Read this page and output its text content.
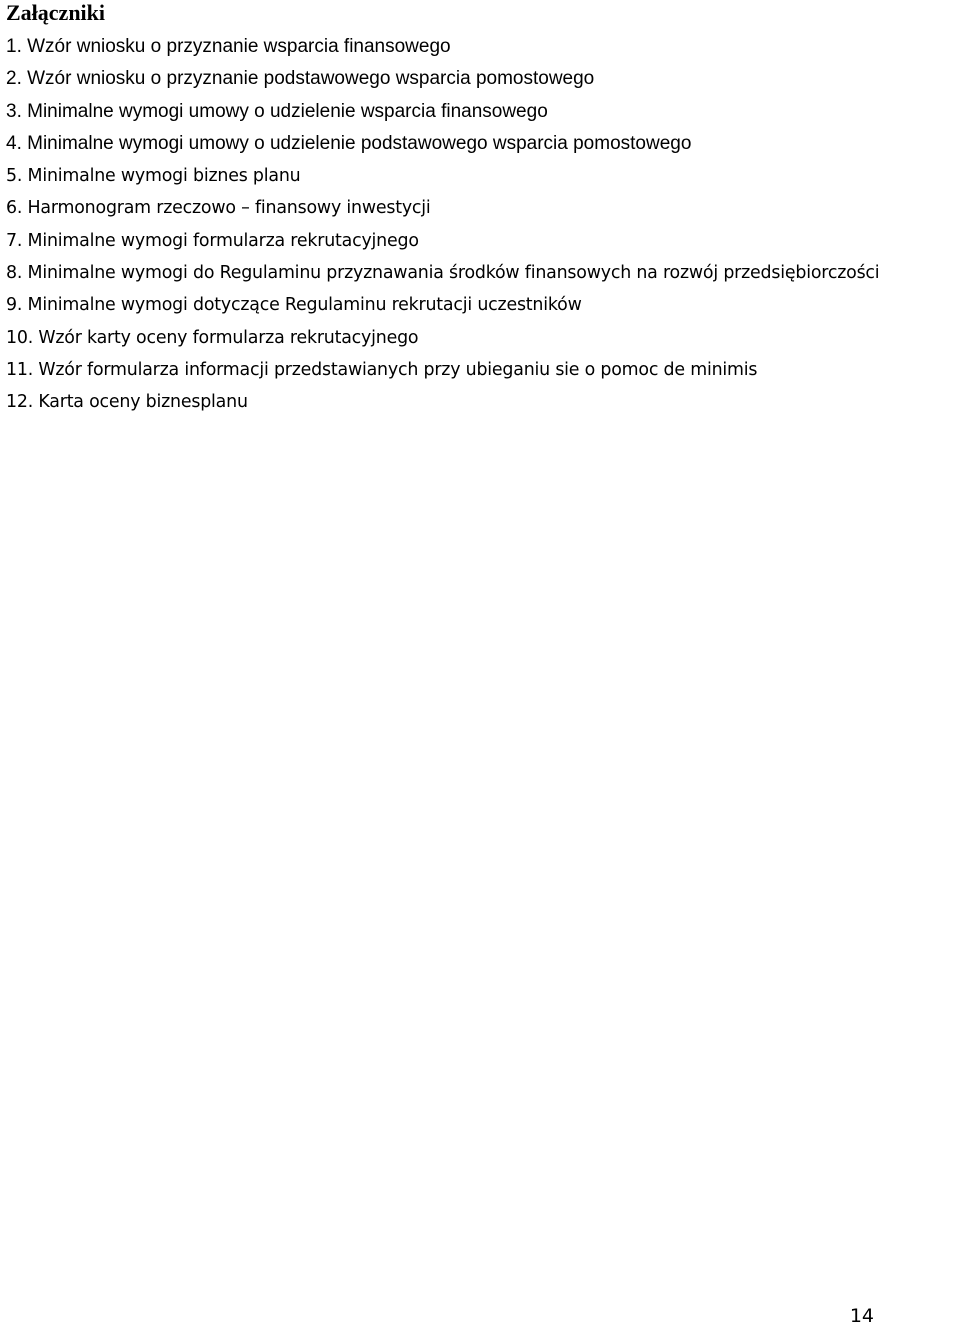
Załączniki
1. Wzór wniosku o przyznanie wsparcia finansowego
2. Wzór wniosku o przyznanie podstawowego wsparcia pomostowego
3. Minimalne wymogi umowy o udzielenie wsparcia finansowego
4. Minimalne wymogi umowy o udzielenie podstawowego wsparcia pomostowego
5. Minimalne wymogi biznes planu
6. Harmonogram rzeczowo – finansowy inwestycji
7. Minimalne wymogi formularza rekrutacyjnego
8. Minimalne wymogi do Regulaminu przyznawania środków finansowych na rozwój przedsiębiorczości
9. Minimalne wymogi dotyczące Regulaminu rekrutacji uczestników
10. Wzór karty oceny formularza rekrutacyjnego
11. Wzór formularza informacji przedstawianych przy ubieganiu sie o pomoc de minimis
12. Karta oceny biznesplanu
14
